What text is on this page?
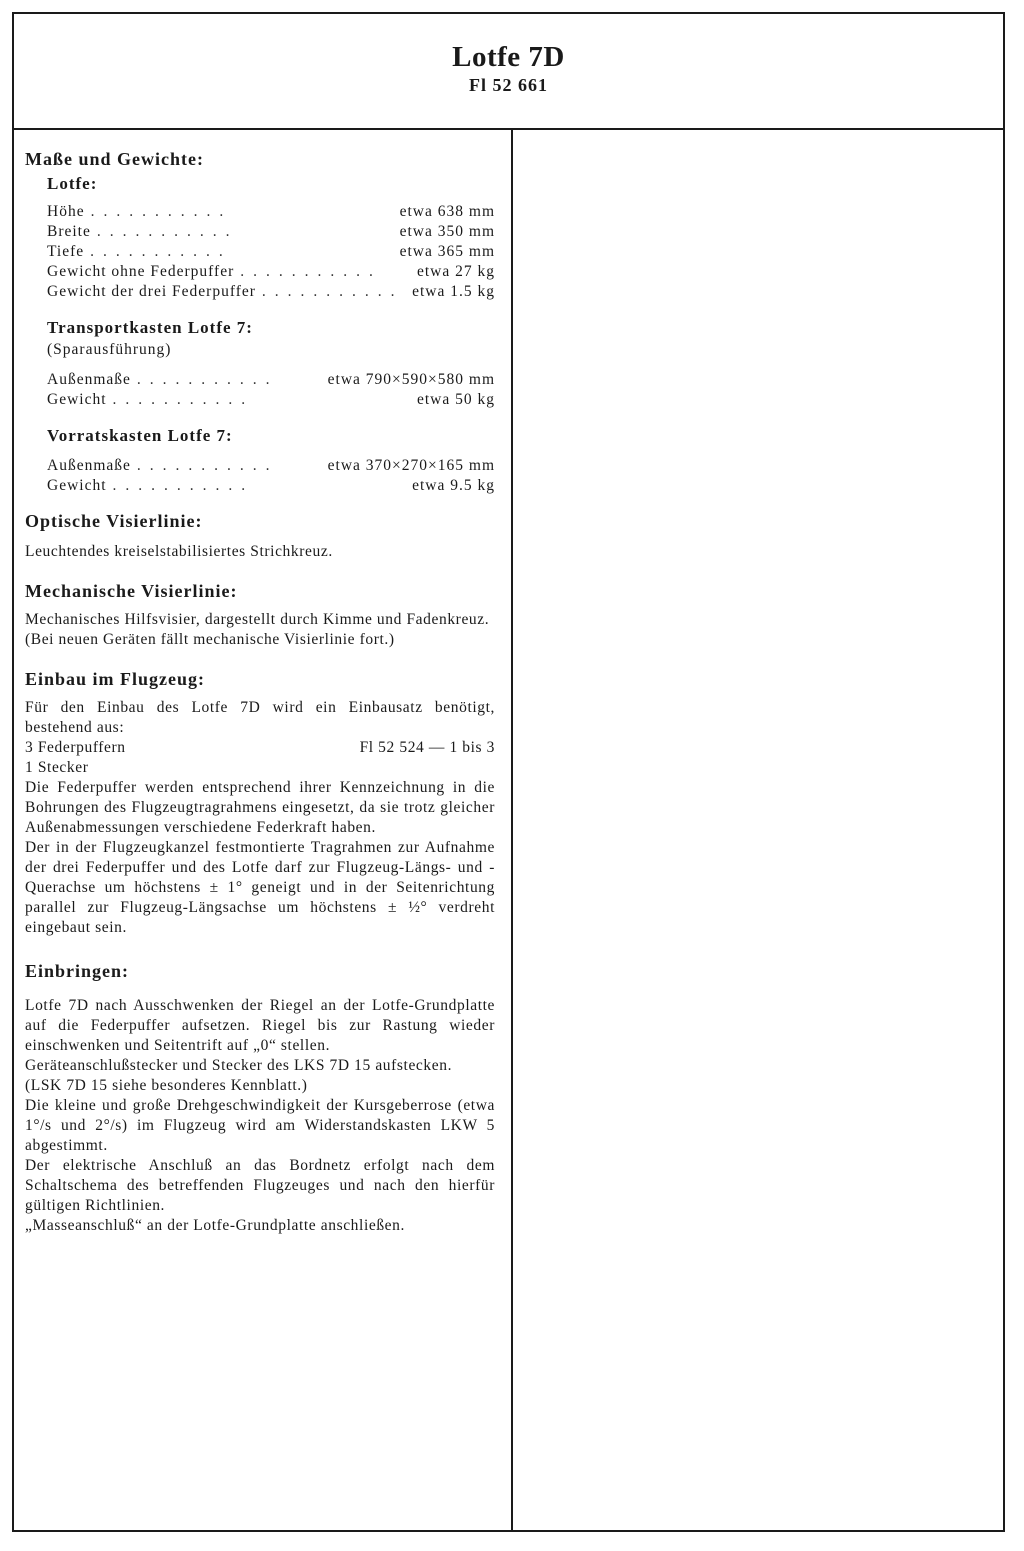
Lotfe 7D
Fl 52 661
Maße und Gewichte:
Lotfe:
Höhe ...........	etwa 638 mm
Breite ...........	etwa 350 mm
Tiefe ...........	etwa 365 mm
Gewicht ohne Federpuffer ...........	etwa 27 kg
Gewicht der drei Federpuffer ........... etwa 1.5 kg
Transportkasten Lotfe 7:
(Sparausführung)
Außenmaße ...........	etwa 790×590×580 mm
Gewicht ...........	etwa 50 kg
Vorratskasten Lotfe 7:
Außenmaße ...........	etwa 370×270×165 mm
Gewicht ...........	etwa 9.5 kg
Optische Visierlinie:

Leuchtendes kreiselstabilisiertes Strichkreuz.

Mechanische Visierlinie:

Mechanisches Hilfsvisier, dargestellt durch Kimme und Fadenkreuz.

(Bei neuen Geräten fällt mechanische Visierlinie fort.)

Einbau im Flugzeug:

Für den Einbau des Lotfe 7D wird ein Einbausatz benötigt, bestehend aus:

3 Federpuffern	Fl 52 524 — 1 bis 3

1 Stecker

Die Federpuffer werden entsprechend ihrer Kennzeichnung in die Bohrungen des Flugzeugtragrahmens eingesetzt, da sie trotz gleicher Außenabmessungen verschiedene Federkraft haben.

Der in der Flugzeugkanzel festmontierte Tragrahmen zur Aufnahme der drei Federpuffer und des Lotfe darf zur Flugzeug-Längs- und -Querachse um höchstens ± 1° geneigt und in der Seitenrichtung parallel zur Flugzeug-Längsachse um höchstens ± ½° verdreht eingebaut sein.

Einbringen:

Lotfe 7D nach Ausschwenken der Riegel an der Lotfe-Grundplatte auf die Federpuffer aufsetzen. Riegel bis zur Rastung wieder einschwenken und Seitentrift auf „0“ stellen.

Geräteanschlußstecker und Stecker des LKS 7D 15 aufstecken.

(LSK 7D 15 siehe besonderes Kennblatt.)

Die kleine und große Drehgeschwindigkeit der Kursgeberrose (etwa 1°/s und 2°/s) im Flugzeug wird am Widerstandskasten LKW 5 abgestimmt.

Der elektrische Anschluß an das Bordnetz erfolgt nach dem Schaltschema des betreffenden Flugzeuges und nach den hierfür gültigen Richtlinien.

„Masseanschluß“ an der Lotfe-Grundplatte anschließen.
